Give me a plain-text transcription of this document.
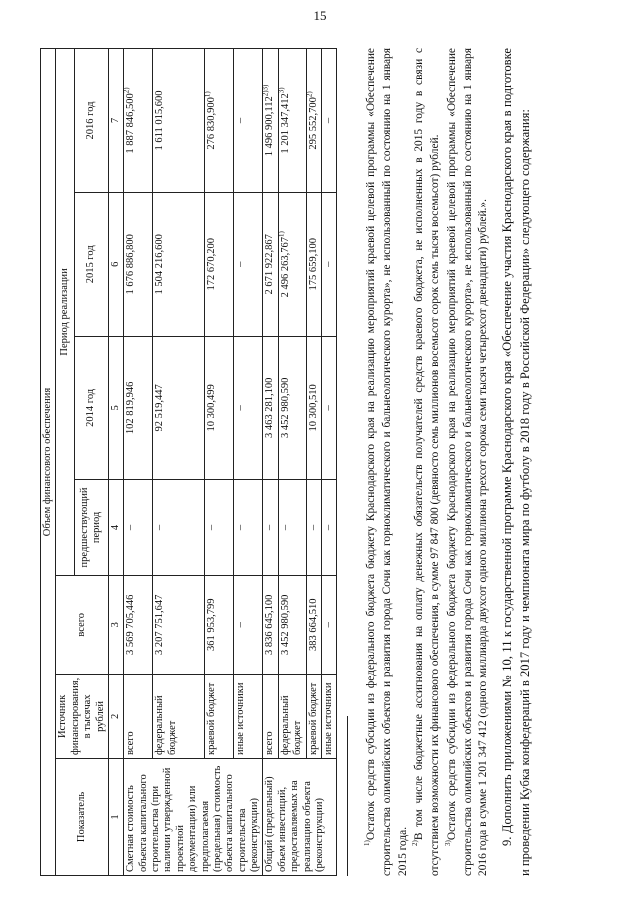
15
Объем финансового обеспечения						
Показатель	Источник финансирования, в тысячах рублей	всего	Период реализации			
			предшествующий период	2014 год	2015 год	2016 год
1	2	3	4	5	6	7
Сметная стоимость объекта капитального строительства (при наличии утвержденной проектной документации) или предполагаемая (предельная) стоимость объекта капитального строительства (реконструкции)	всего	3 569 705,446	–	102 819,946	1 676 886,800	1 887 846,500$^{2)}$
	федеральный бюджет	3 207 751,647	–	92 519,447	1 504 216,600	1 611 015,600
	краевой бюджет	361 953,799	–	10 300,499	172 670,200	276 830,900$^{1)}$
	иные источники	–	–	–	–	–
Общий (предельный) объем инвестиций, предоставляемых на реализацию объекта (реконструкции)	всего	3 836 645,100	–	3 463 281,100	2 671 922,867	1 496 $900,112^{2)3)}$
	федеральный бюджет	3 452 980,590	–	3 452 980,590	2 496 263,767$^{1)}$	1 201 347,412$^{3)}$
	краевой бюджет	383 664,510	–	10 300,510	175 659,100	295 552,700$^{2)}$
	иные источники	–	–	–	–	–

$^{1)}$Остаток средств субсидии из федерального бюджета бюджету Краснодарского края на реализацию мероприятий краевой целевой программы «Обеспечение строительства олимпийских объектов и развития города Сочи как горноклиматического и бальнеологического курорта», не использованный по состоянию на 1 января 2015 года. $^{2)}$В том числе бюджетные ассигнования на оплату денежных обязательств получателей средств краевого бюджета, не исполненных в 2015 году в связи с отсутствием возможности их финансового обеспечения, в сумме 97 847 800 (девяносто семь миллионов восемьсот сорок семь тысяч восемьсот) рублей. $^{3)}$Остаток средств субсидии из федерального бюджета бюджету Краснодарского края на реализацию мероприятий краевой целевой программы «Обеспечение строительства олимпийских объектов и развития города Сочи как горноклиматического и бальнеологического курорта», не использованный по состоянию на 1 января 2016 года в сумме 1 201 347 412 (одного миллиарда двухсот одного миллиона трехсот сорока семи тысяч четырехсот двенадцати) рублей.». 9. Дополнить приложениями № 10, 11 к государственной программе Краснодарского края «Обеспечение участия Краснодарского края в подготовке и проведении Кубка конфедераций в 2017 году и чемпионата мира по футболу в 2018 году в Российской Федерации» следующего содержания:
